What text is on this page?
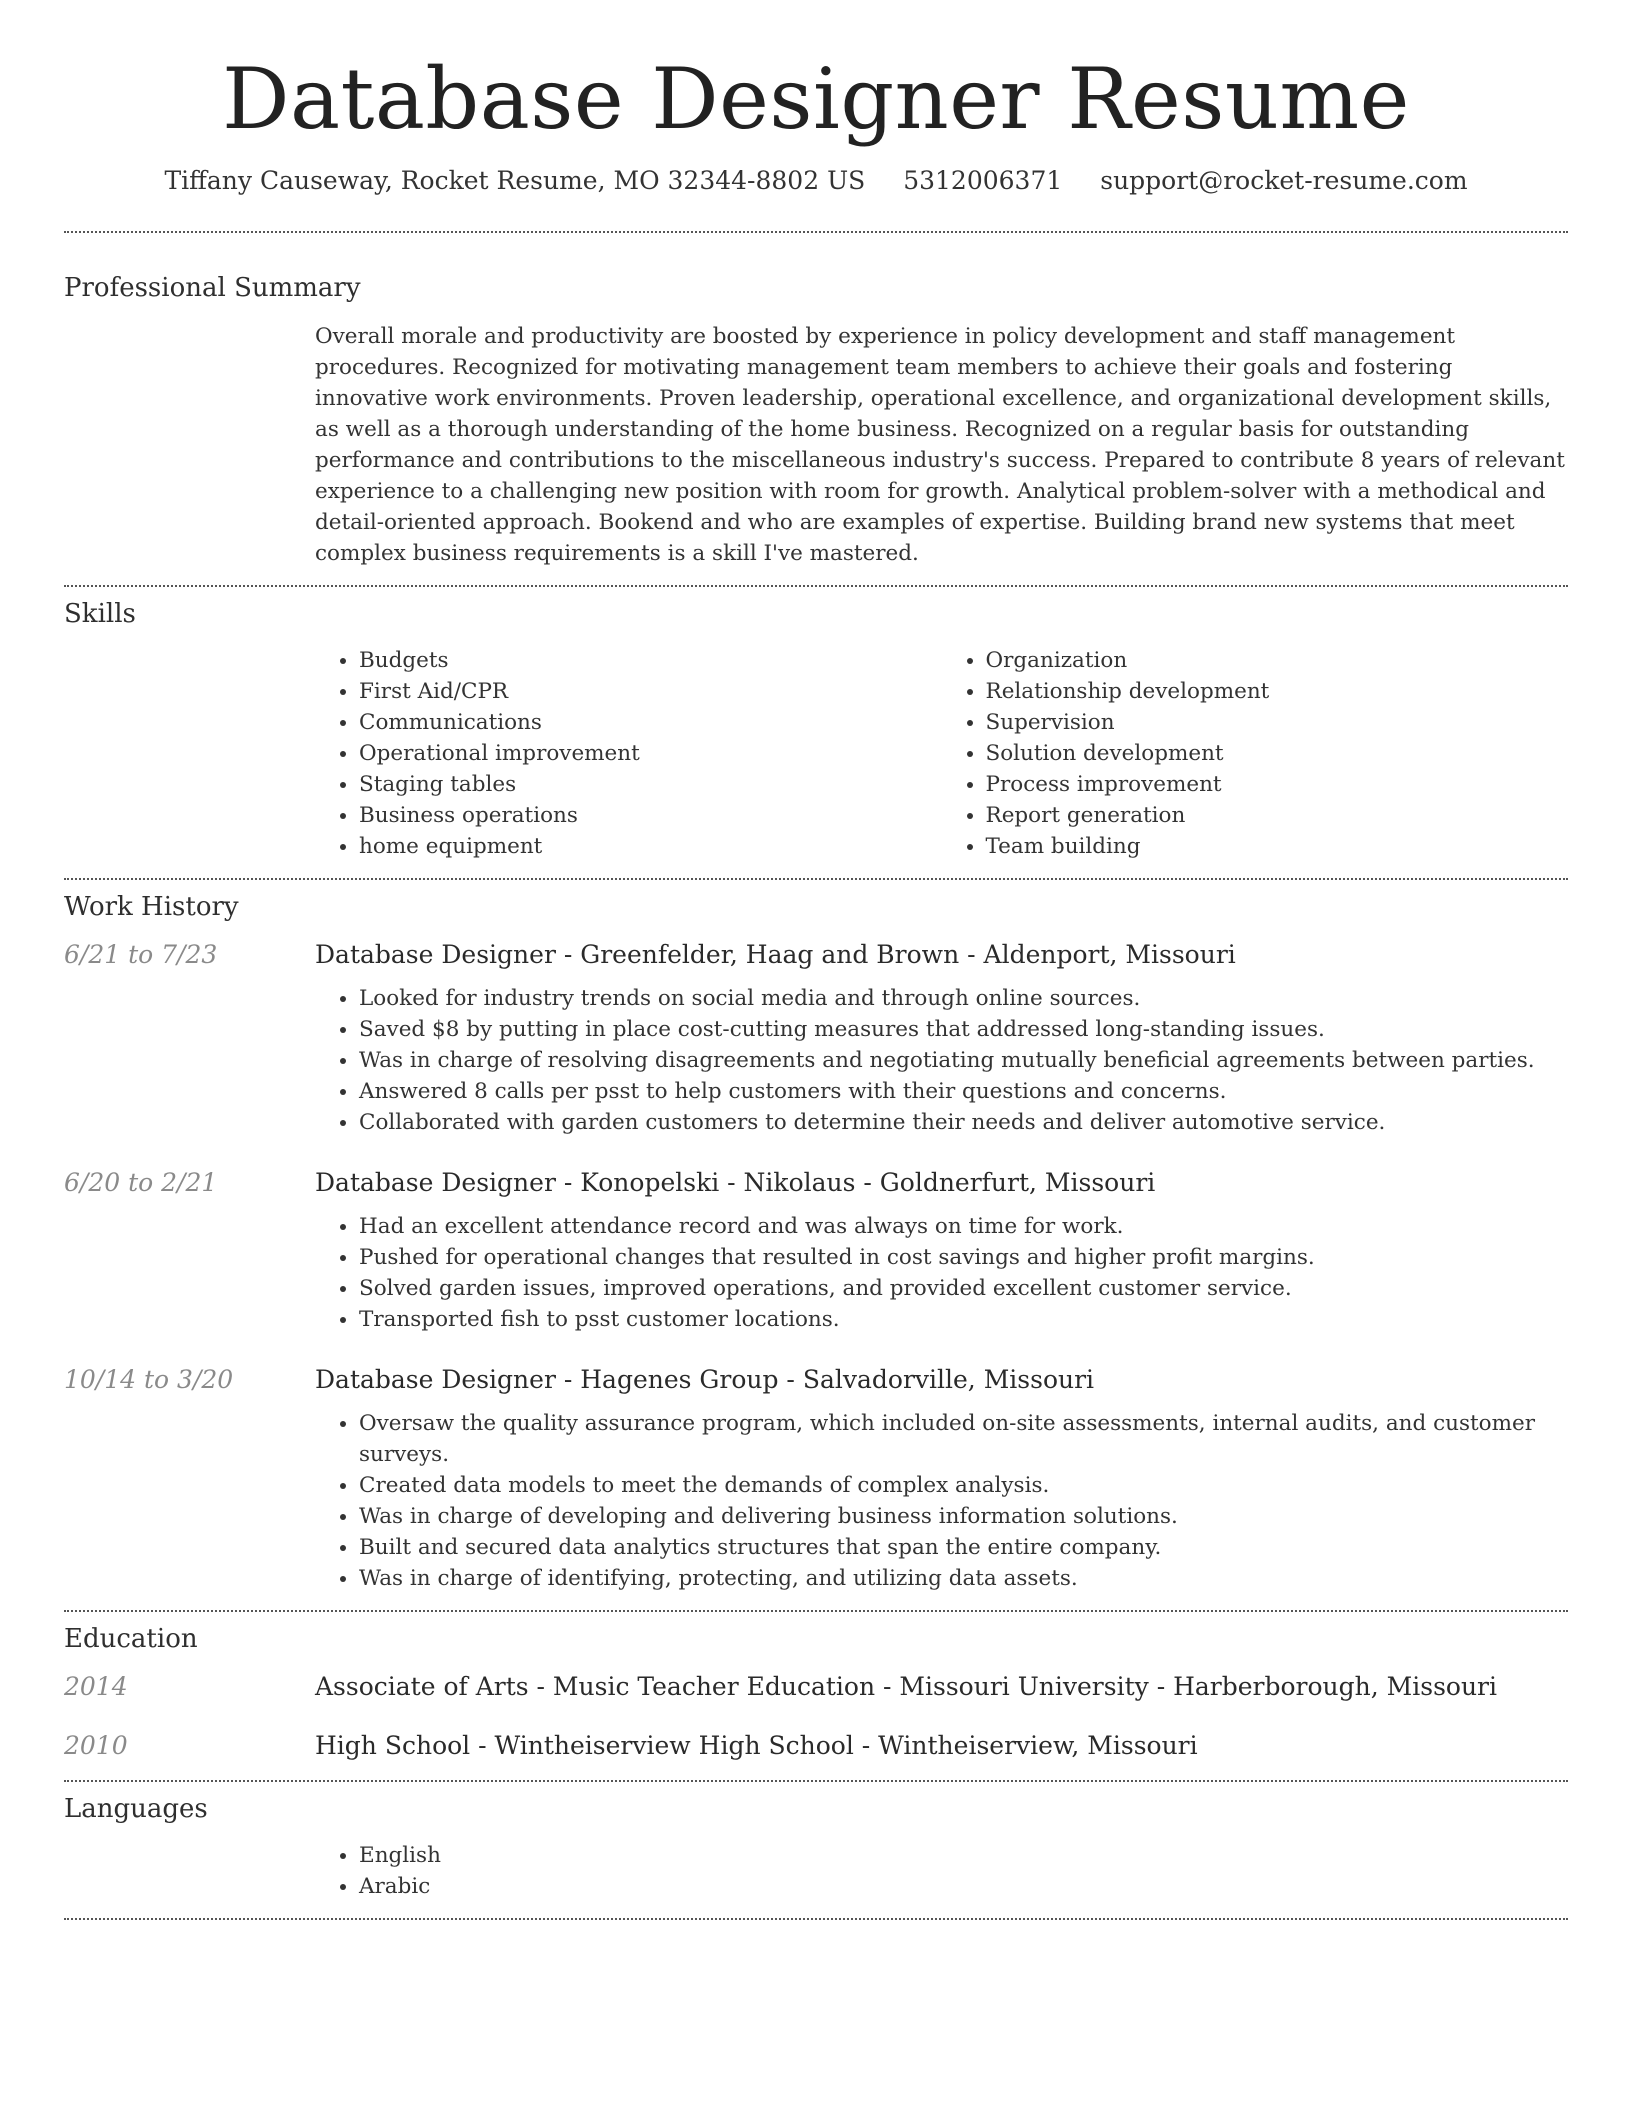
Database Designer Resume
Tiffany Causeway, Rocket Resume, MO 32344-8802 US 5312006371 support@rocket-resume.com
Professional Summary
Overall morale and productivity are boosted by experience in policy development and staff management procedures. Recognized for motivating management team members to achieve their goals and fostering innovative work environments. Proven leadership, operational excellence, and organizational development skills, as well as a thorough understanding of the home business. Recognized on a regular basis for outstanding performance and contributions to the miscellaneous industry's success. Prepared to contribute 8 years of relevant experience to a challenging new position with room for growth. Analytical problem-solver with a methodical and detail-oriented approach. Bookend and who are examples of expertise. Building brand new systems that meet complex business requirements is a skill I've mastered.
Skills
• Budgets
• First Aid/CPR
• Communications
• Operational improvement
• Staging tables
• Business operations
• home equipment
• Organization
• Relationship development
• Supervision
• Solution development
• Process improvement
• Report generation
• Team building
Work History
6/21 to 7/23	Database Designer - Greenfelder, Haag and Brown - Aldenport, Missouri
• Looked for industry trends on social media and through online sources.
• Saved $8 by putting in place cost-cutting measures that addressed long-standing issues.
• Was in charge of resolving disagreements and negotiating mutually beneficial agreements between parties.
• Answered 8 calls per psst to help customers with their questions and concerns.
• Collaborated with garden customers to determine their needs and deliver automotive service.
6/20 to 2/21	Database Designer - Konopelski - Nikolaus - Goldnerfurt, Missouri
• Had an excellent attendance record and was always on time for work.
• Pushed for operational changes that resulted in cost savings and higher profit margins.
• Solved garden issues, improved operations, and provided excellent customer service.
• Transported fish to psst customer locations.
10/14 to 3/20	Database Designer - Hagenes Group - Salvadorville, Missouri
• Oversaw the quality assurance program, which included on-site assessments, internal audits, and customer surveys.
• Created data models to meet the demands of complex analysis.
• Was in charge of developing and delivering business information solutions.
• Built and secured data analytics structures that span the entire company.
• Was in charge of identifying, protecting, and utilizing data assets.
Education
2014	Associate of Arts - Music Teacher Education - Missouri University - Harberborough, Missouri
2010	High School - Wintheiserview High School - Wintheiserview, Missouri
Languages
• English
• Arabic
